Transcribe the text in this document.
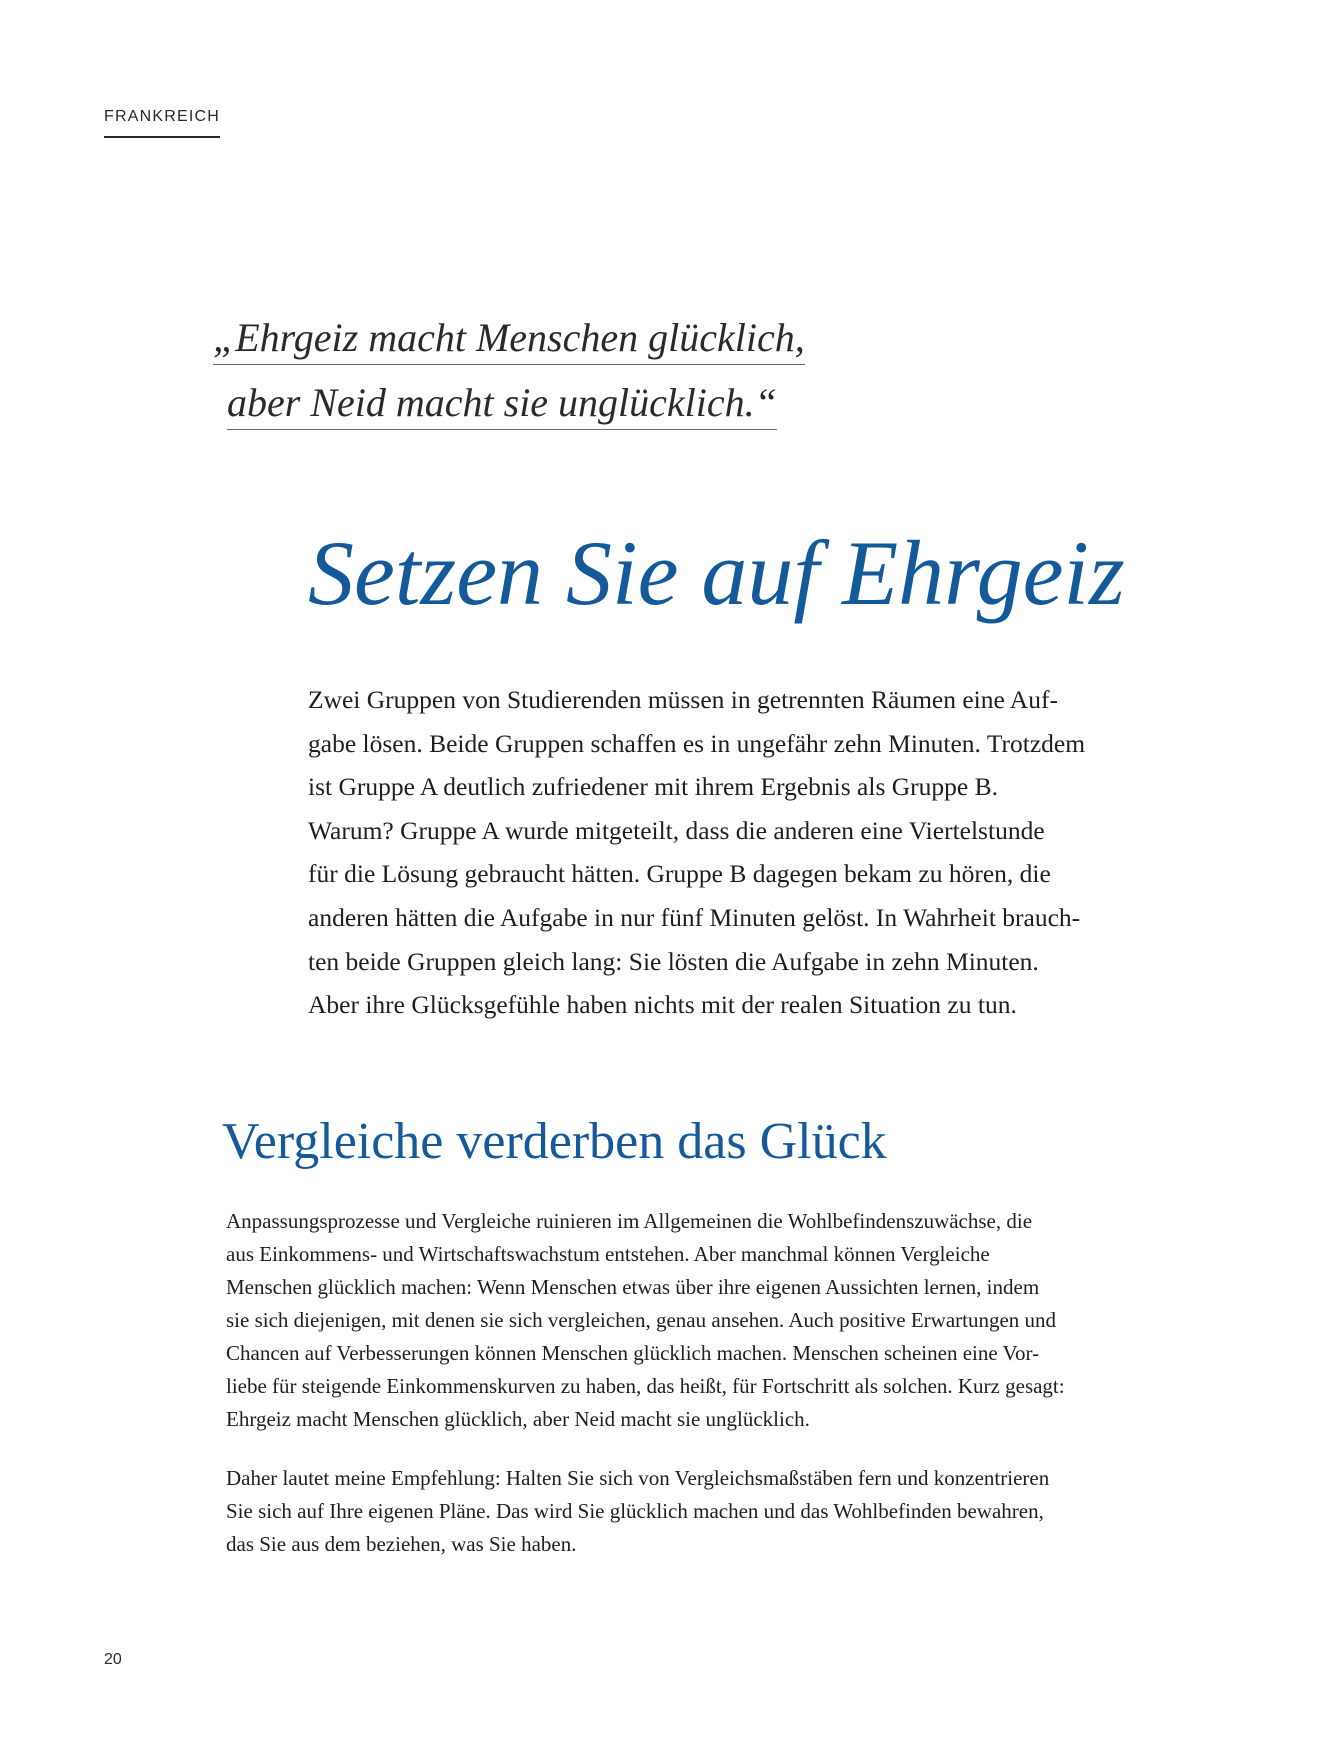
FRANKREICH
„Ehrgeiz macht Menschen glücklich,
aber Neid macht sie unglücklich.“
Setzen Sie auf Ehrgeiz
Zwei Gruppen von Studierenden müssen in getrennten Räumen eine Auf-
gabe lösen. Beide Gruppen schaffen es in ungefähr zehn Minuten. Trotzdem
ist Gruppe A deutlich zufriedener mit ihrem Ergebnis als Gruppe B.
Warum? Gruppe A wurde mitgeteilt, dass die anderen eine Viertelstunde
für die Lösung gebraucht hätten. Gruppe B dagegen bekam zu hören, die
anderen hätten die Aufgabe in nur fünf Minuten gelöst. In Wahrheit brauch-
ten beide Gruppen gleich lang: Sie lösten die Aufgabe in zehn Minuten.
Aber ihre Glücksgefühle haben nichts mit der realen Situation zu tun.
Vergleiche verderben das Glück
Anpassungsprozesse und Vergleiche ruinieren im Allgemeinen die Wohlbefindenszuwächse, die
aus Einkommens- und Wirtschaftswachstum entstehen. Aber manchmal können Vergleiche
Menschen glücklich machen: Wenn Menschen etwas über ihre eigenen Aussichten lernen, indem
sie sich diejenigen, mit denen sie sich vergleichen, genau ansehen. Auch positive Erwartungen und
Chancen auf Verbesserungen können Menschen glücklich machen. Menschen scheinen eine Vor-
liebe für steigende Einkommenskurven zu haben, das heißt, für Fortschritt als solchen. Kurz gesagt:
Ehrgeiz macht Menschen glücklich, aber Neid macht sie unglücklich.
Daher lautet meine Empfehlung: Halten Sie sich von Vergleichsmaßstäben fern und konzentrieren
Sie sich auf Ihre eigenen Pläne. Das wird Sie glücklich machen und das Wohlbefinden bewahren,
das Sie aus dem beziehen, was Sie haben.
20
